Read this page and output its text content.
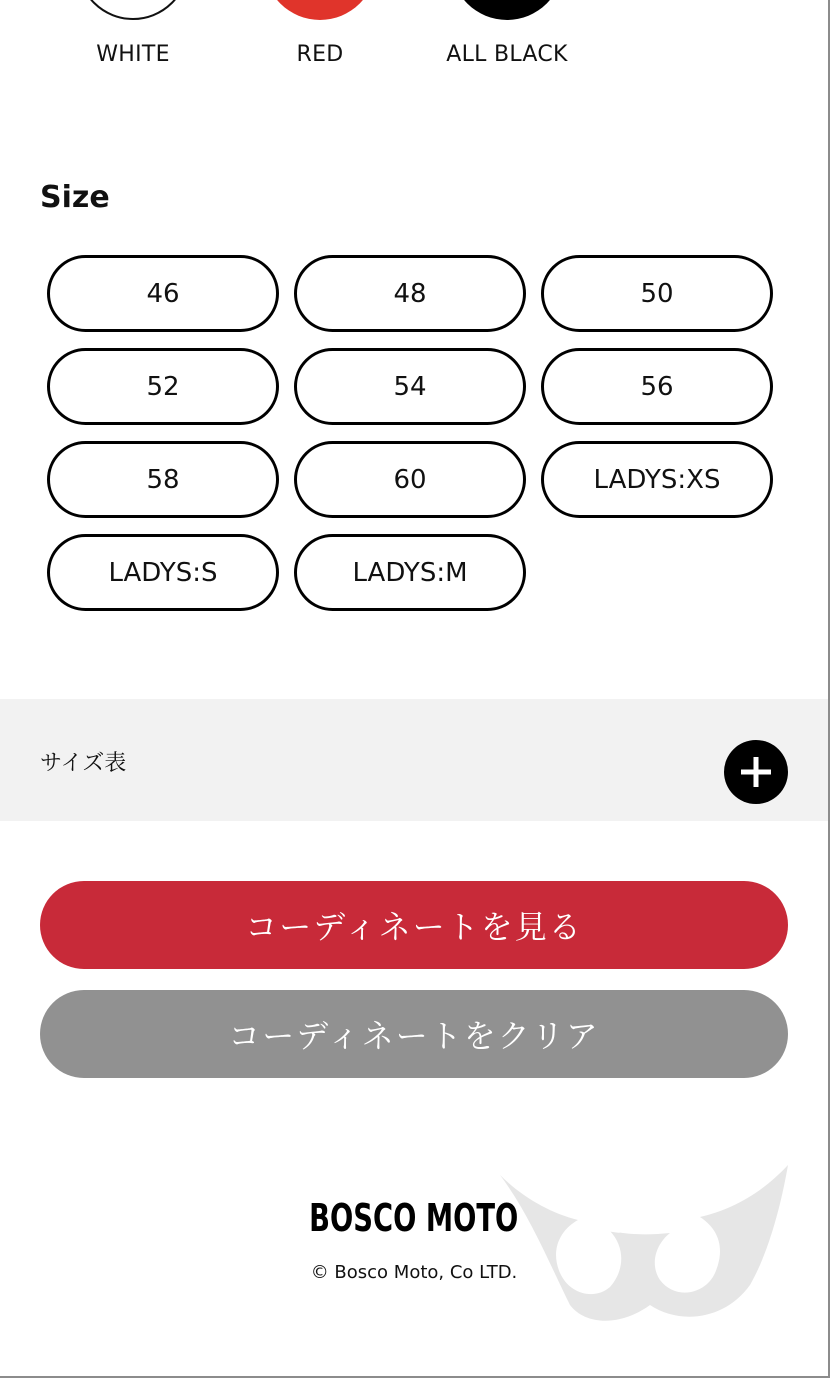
WHITE	RED	ALL BLACK
Size
46	48	50
52	54	56
58	60	LADYS:XS
LADYS:S	LADYS:M
サイズ表
コーディネートを見る
コーディネートをクリア
BOSCO MOTO
© Bosco Moto, Co LTD.
